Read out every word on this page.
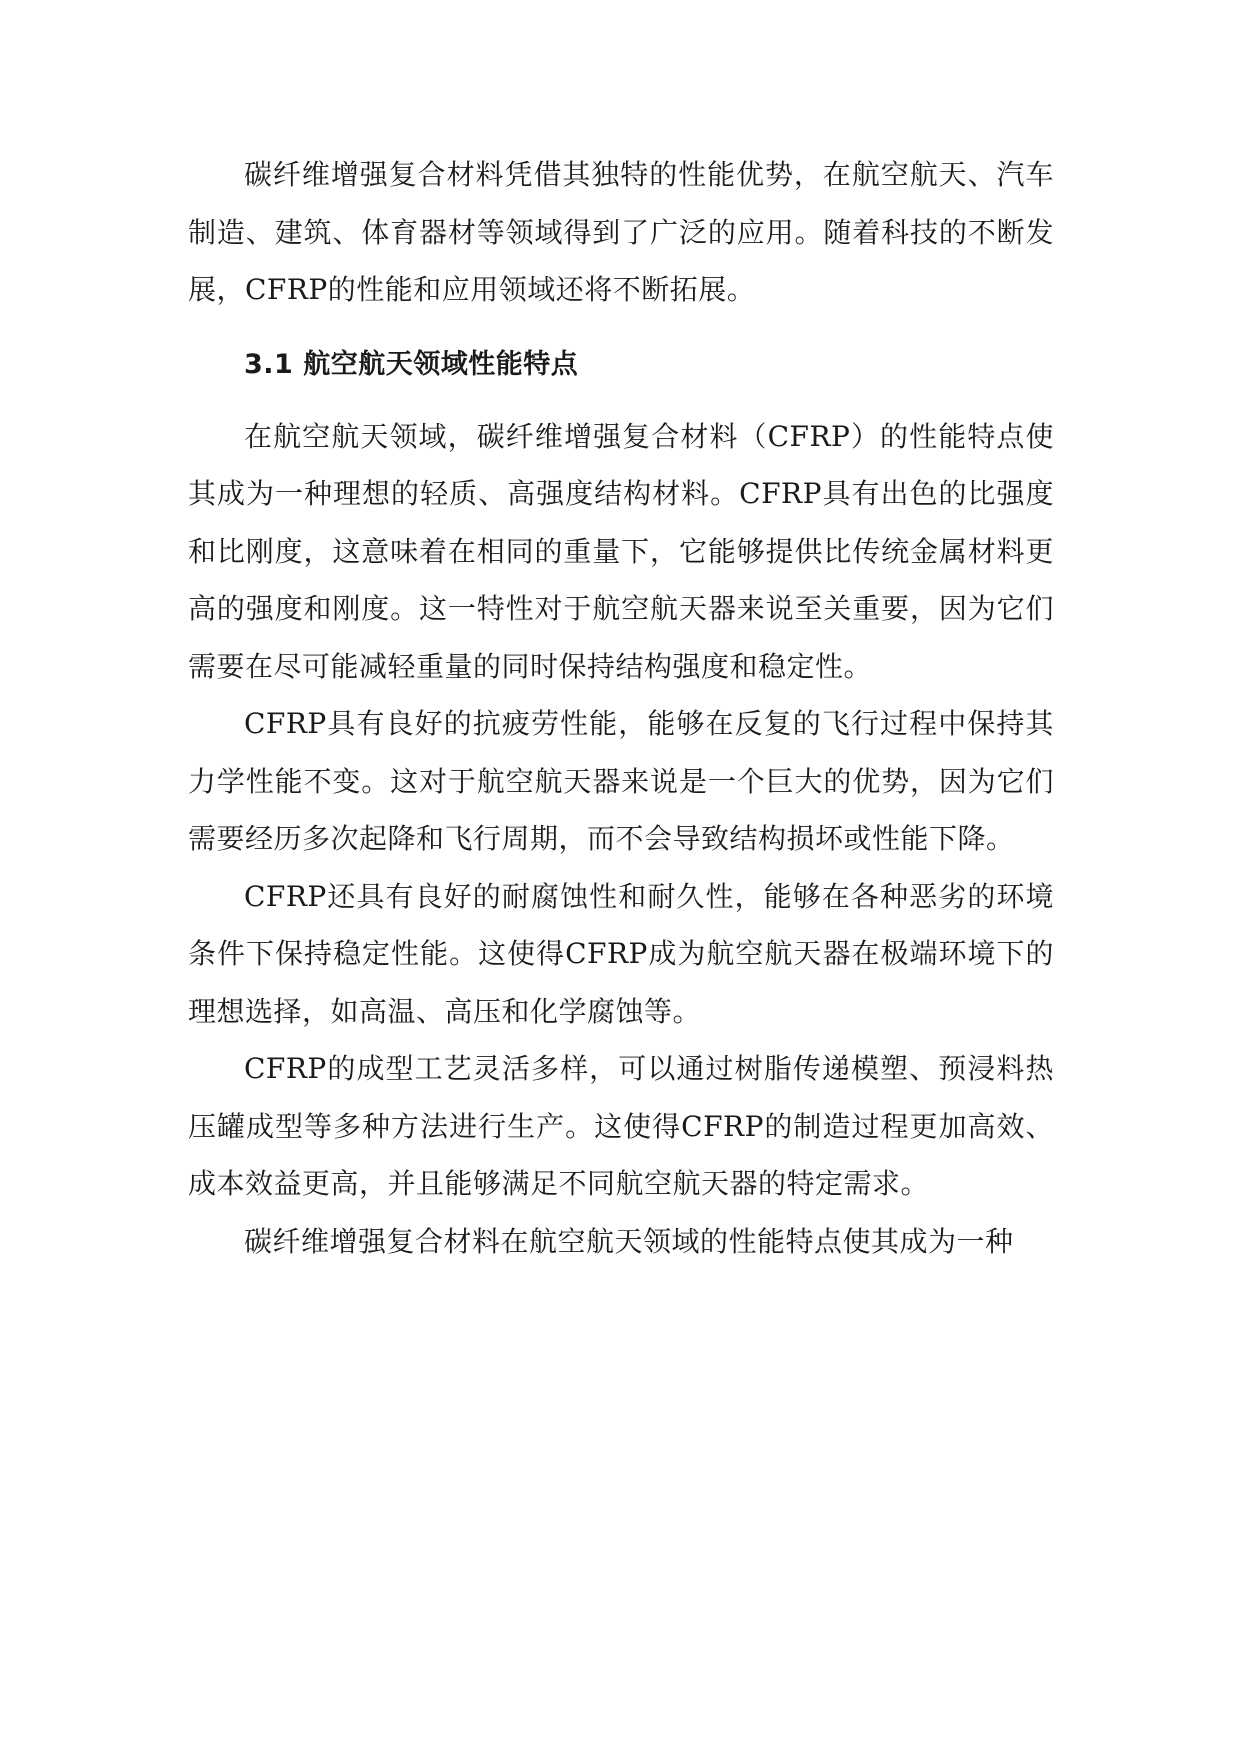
碳纤维增强复合材料凭借其独特的性能优势，在航空航天、汽车制造、建筑、体育器材等领域得到了广泛的应用。随着科技的不断发展，CFRP的性能和应用领域还将不断拓展。

3.1 航空航天领域性能特点

在航空航天领域，碳纤维增强复合材料（CFRP）的性能特点使其成为一种理想的轻质、高强度结构材料。CFRP具有出色的比强度和比刚度，这意味着在相同的重量下，它能够提供比传统金属材料更高的强度和刚度。这一特性对于航空航天器来说至关重要，因为它们需要在尽可能减轻重量的同时保持结构强度和稳定性。

CFRP具有良好的抗疲劳性能，能够在反复的飞行过程中保持其力学性能不变。这对于航空航天器来说是一个巨大的优势，因为它们需要经历多次起降和飞行周期，而不会导致结构损坏或性能下降。

CFRP还具有良好的耐腐蚀性和耐久性，能够在各种恶劣的环境条件下保持稳定性能。这使得CFRP成为航空航天器在极端环境下的理想选择，如高温、高压和化学腐蚀等。

CFRP的成型工艺灵活多样，可以通过树脂传递模塑、预浸料热压罐成型等多种方法进行生产。这使得CFRP的制造过程更加高效、成本效益更高，并且能够满足不同航空航天器的特定需求。

碳纤维增强复合材料在航空航天领域的性能特点使其成为一种
